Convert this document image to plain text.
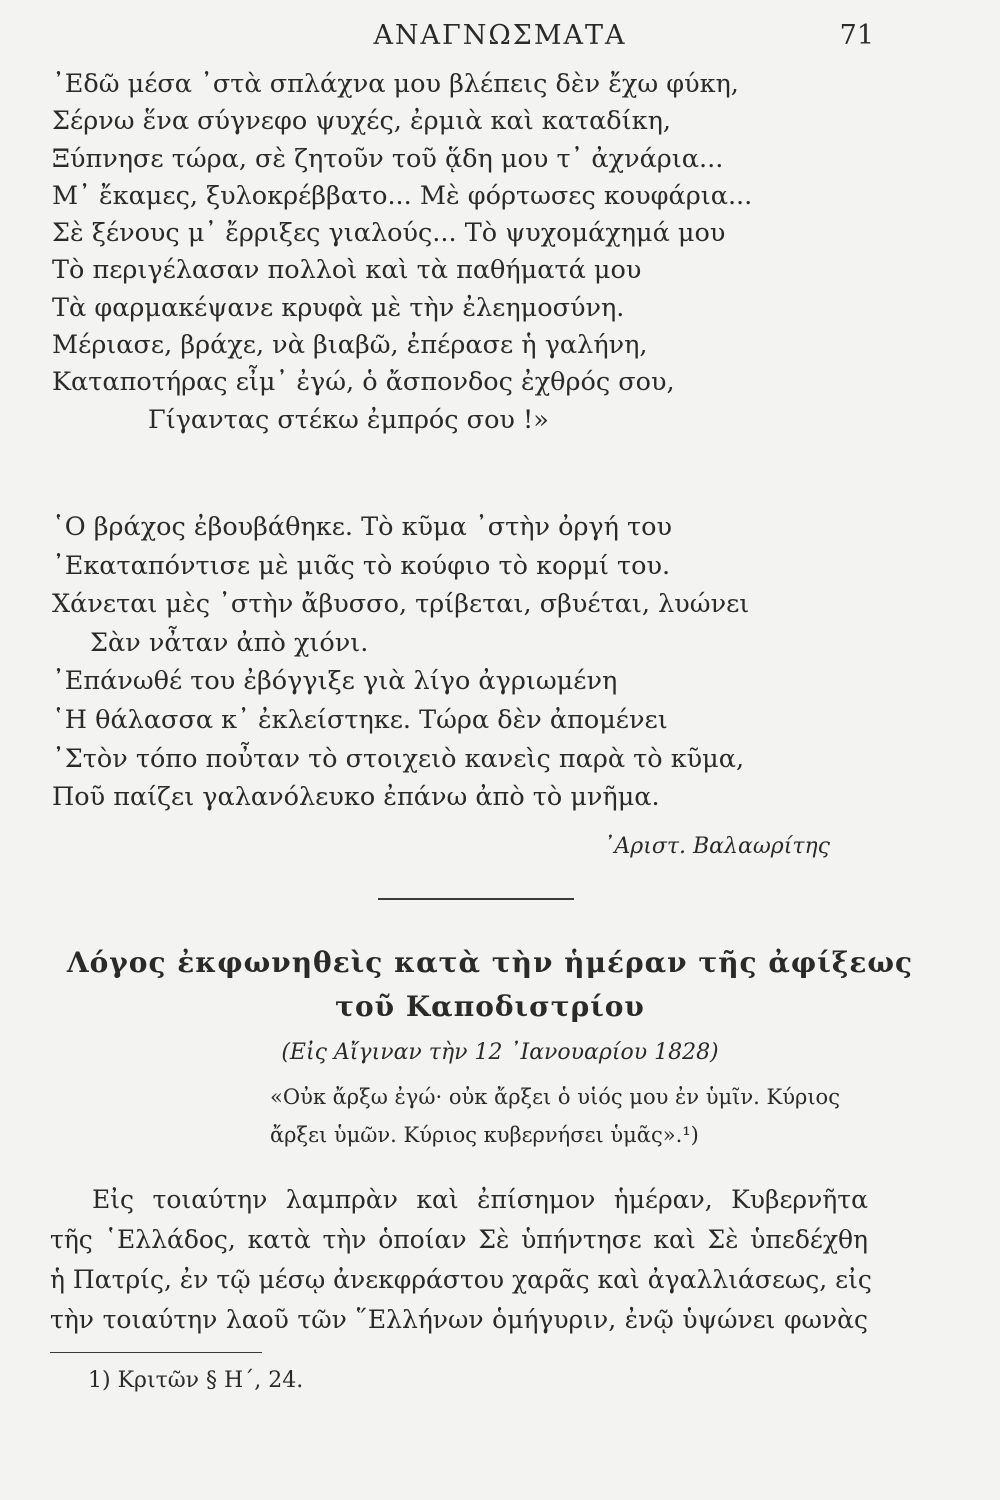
ΑΝΑΓΝΩΣΜΑΤΑ	71
᾿Εδῶ μέσα ᾿στὰ σπλάχνα μου βλέπεις δὲν ἔχω φύκη,
Σέρνω ἕνα σύγνεφο ψυχές, ἐρμιὰ καὶ καταδίκη,
Ξύπνησε τώρα, σὲ ζητοῦν τοῦ ᾅδη μου τ᾿ ἀχνάρια...
Μ᾿ ἔκαμες, ξυλοκρέββατο... Μὲ φόρτωσες κουφάρια...
Σὲ ξένους μ᾿ ἔρριξες γιαλούς... Τὸ ψυχομάχημά μου
Τὸ περιγέλασαν πολλοὶ καὶ τὰ παθήματά μου
Τὰ φαρμακέψανε κρυφὰ μὲ τὴν ἐλεημοσύνη.
Μέριασε, βράχε, νὰ βιαβῶ, ἐπέρασε ἡ γαλήνη,
Καταποτήρας εἶμ᾿ ἐγώ, ὁ ἄσπονδος ἐχθρός σου,
Γίγαντας στέκω ἐμπρός σου !»
῾Ο βράχος ἐβουβάθηκε. Τὸ κῦμα ᾿στὴν ὀργή του
᾿Εκαταπόντισε μὲ μιᾶς τὸ κούφιο τὸ κορμί του.
Χάνεται μὲς ᾿στὴν ἄβυσσο, τρίβεται, σβυέται, λυώνει
Σὰν νἆταν ἀπὸ χιόνι.
᾿Επάνωθέ του ἐβόγγιξε γιὰ λίγο ἀγριωμένη
῾Η θάλασσα κ᾿ ἐκλείστηκε. Τώρα δὲν ἀπομένει
᾿Στὸν τόπο ποὖταν τὸ στοιχειὸ κανεὶς παρὰ τὸ κῦμα,
Ποῦ παίζει γαλανόλευκο ἐπάνω ἀπὸ τὸ μνῆμα.
᾿Αριστ. Βαλαωρίτης
Λόγος ἐκφωνηθεὶς κατὰ τὴν ἡμέραν τῆς ἀφίξεως
τοῦ Καποδιστρίου
(Εἰς Αἴγιναν τὴν 12 ᾿Ιανουαρίου 1828)
«Οὐκ ἄρξω ἐγώ· οὐκ ἄρξει ὁ υἱός μου ἐν ὑμῖν. Κύριος
ἄρξει ὑμῶν. Κύριος κυβερνήσει ὑμᾶς».¹)
Εἰς τοιαύτην λαμπρὰν καὶ ἐπίσημον ἡμέραν, Κυβερνῆτα
τῆς ῾Ελλάδος, κατὰ τὴν ὁποίαν Σὲ ὑπήντησε καὶ Σὲ ὑπεδέχθη
ἡ Πατρίς, ἐν τῷ μέσῳ ἀνεκφράστου χαρᾶς καὶ ἀγαλλιάσεως, εἰς
τὴν τοιαύτην λαοῦ τῶν ῞Ελλήνων ὁμήγυριν, ἐνῷ ὑψώνει φωνὰς
1) Κριτῶν § Η΄, 24.
